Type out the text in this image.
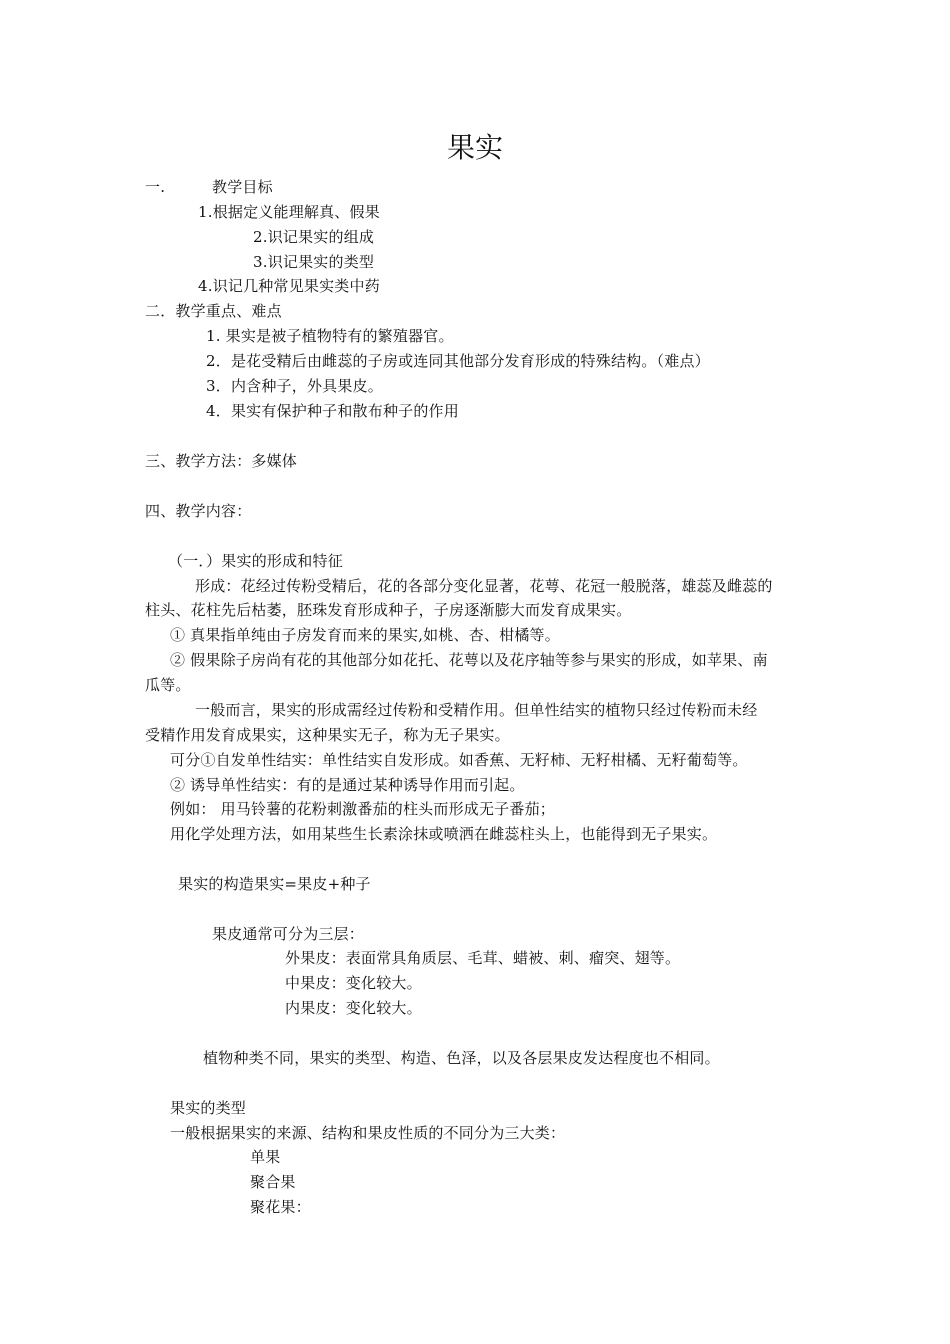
果实
一.	教学目标
1.根据定义能理解真、假果
2.识记果实的组成
3.识记果实的类型
4.识记几种常见果实类中药
二．教学重点、难点
1. 果实是被子植物特有的繁殖器官。
2．是花受精后由雌蕊的子房或连同其他部分发育形成的特殊结构。（难点）
3．内含种子，外具果皮。
4．果实有保护种子和散布种子的作用
三、教学方法：多媒体
四、教学内容：
（一．）果实的形成和特征
形成：花经过传粉受精后，花的各部分变化显著，花萼、花冠一般脱落，雄蕊及雌蕊的
柱头、花柱先后枯萎，胚珠发育形成种子，子房逐渐膨大而发育成果实。
① 真果指单纯由子房发育而来的果实,如桃、杏、柑橘等。
② 假果除子房尚有花的其他部分如花托、花萼以及花序轴等参与果实的形成，如苹果、南
瓜等。
一般而言，果实的形成需经过传粉和受精作用。但单性结实的植物只经过传粉而未经
受精作用发育成果实，这种果实无子，称为无子果实。
可分①自发单性结实：单性结实自发形成。如香蕉、无籽柿、无籽柑橘、无籽葡萄等。
② 诱导单性结实：有的是通过某种诱导作用而引起。
例如： 用马铃薯的花粉刺激番茄的柱头而形成无子番茄；
用化学处理方法，如用某些生长素涂抹或喷洒在雌蕊柱头上，也能得到无子果实。
果实的构造果实=果皮+种子
果皮通常可分为三层：
外果皮：表面常具角质层、毛茸、蜡被、刺、瘤突、翅等。
中果皮：变化较大。
内果皮：变化较大。
植物种类不同，果实的类型、构造、色泽，以及各层果皮发达程度也不相同。
果实的类型
一般根据果实的来源、结构和果皮性质的不同分为三大类：
单果
聚合果
聚花果：
